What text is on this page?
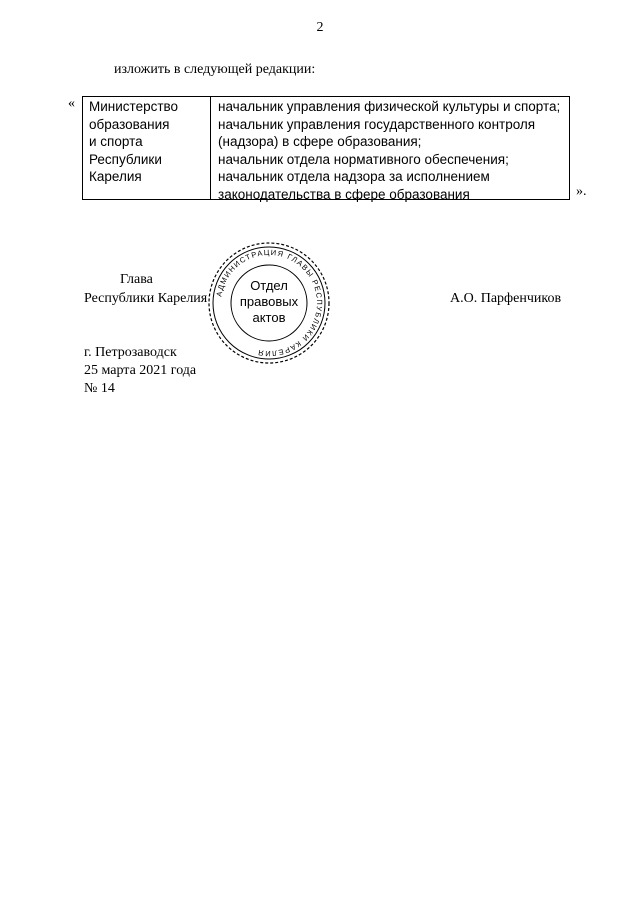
2
изложить в следующей редакции:
« Министерство
образования
и спорта
Республики
Карелия
начальник управления физической культуры и спорта;
начальник управления государственного контроля
(надзора) в сфере образования;
начальник отдела нормативного обеспечения;
начальник отдела надзора за исполнением
законодательства в сфере образования	».
Глава
Республики Карелия	А.О. Парфенчиков
АДМИНИСТРАЦИЯ ГЛАВЫ РЕСПУБЛИКИ КАРЕЛИЯ
Отдел
правовых
актов
г. Петрозаводск
25 марта 2021 года
№ 14
